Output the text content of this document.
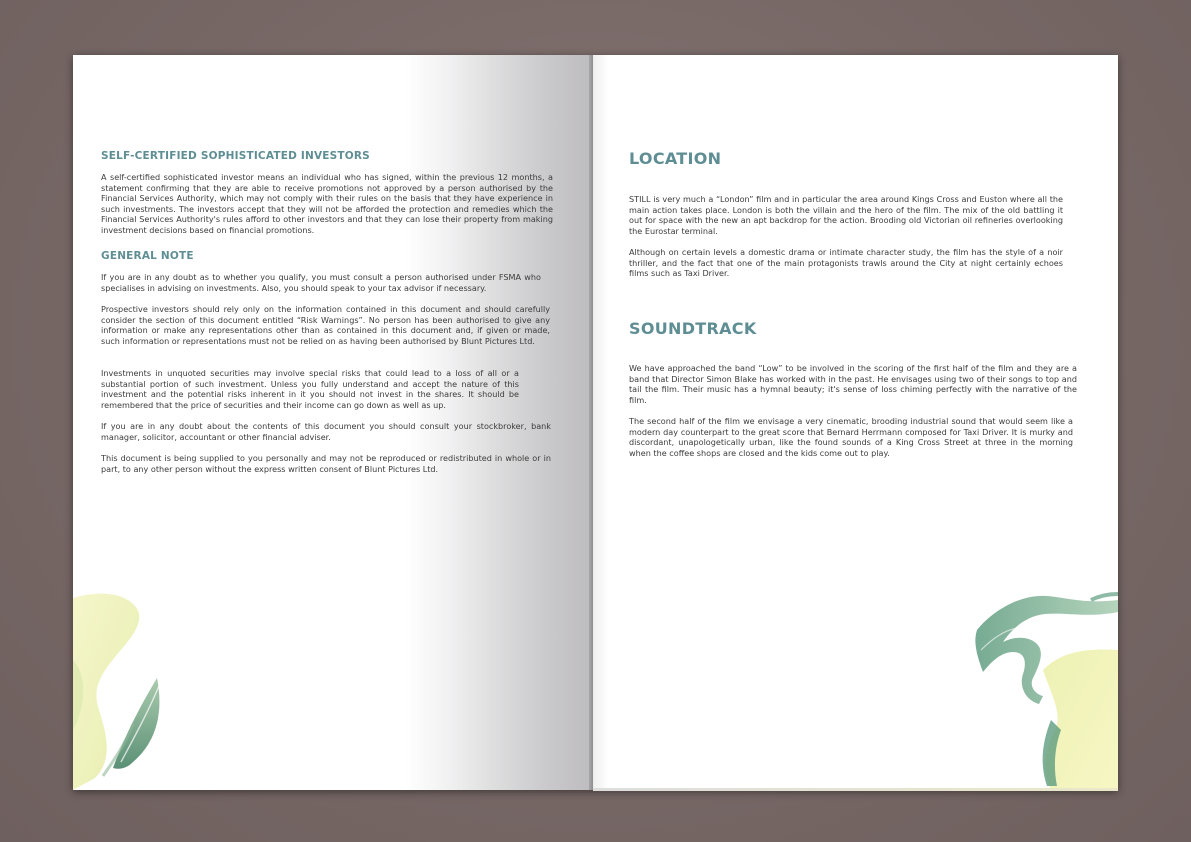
SELF-CERTIFIED SOPHISTICATED INVESTORS

A self-certified sophisticated investor means an individual who has signed, within the previous 12 months, a statement confirming that they are able to receive promotions not approved by a person authorised by the Financial Services Authority, which may not comply with their rules on the basis that they have experience in such investments. The investors accept that they will not be afforded the protection and remedies which the Financial Services Authority's rules afford to other investors and that they can lose their property from making investment decisions based on financial promotions.

GENERAL NOTE

If you are in any doubt as to whether you qualify, you must consult a person authorised under FSMA who specialises in advising on investments. Also, you should speak to your tax advisor if necessary.

Prospective investors should rely only on the information contained in this document and should carefully consider the section of this document entitled “Risk Warnings”. No person has been authorised to give any information or make any representations other than as contained in this document and, if given or made, such information or representations must not be relied on as having been authorised by Blunt Pictures Ltd.

Investments in unquoted securities may involve special risks that could lead to a loss of all or a substantial portion of such investment. Unless you fully understand and accept the nature of this investment and the potential risks inherent in it you should not invest in the shares. It should be remembered that the price of securities and their income can go down as well as up.

If you are in any doubt about the contents of this document you should consult your stockbroker, bank manager, solicitor, accountant or other financial adviser.

This document is being supplied to you personally and may not be reproduced or redistributed in whole or in part, to any other person without the express written consent of Blunt Pictures Ltd.

LOCATION

STILL is very much a “London” film and in particular the area around Kings Cross and Euston where all the main action takes place. London is both the villain and the hero of the film. The mix of the old battling it out for space with the new an apt backdrop for the action. Brooding old Victorian oil refineries overlooking the Eurostar terminal.

Although on certain levels a domestic drama or intimate character study, the film has the style of a noir thriller, and the fact that one of the main protagonists trawls around the City at night certainly echoes films such as Taxi Driver.

SOUNDTRACK

We have approached the band “Low” to be involved in the scoring of the first half of the film and they are a band that Director Simon Blake has worked with in the past. He envisages using two of their songs to top and tail the film. Their music has a hymnal beauty; it's sense of loss chiming perfectly with the narrative of the film.

The second half of the film we envisage a very cinematic, brooding industrial sound that would seem like a modern day counterpart to the great score that Bernard Herrmann composed for Taxi Driver. It is murky and discordant, unapologetically urban, like the found sounds of a King Cross Street at three in the morning when the coffee shops are closed and the kids come out to play.
